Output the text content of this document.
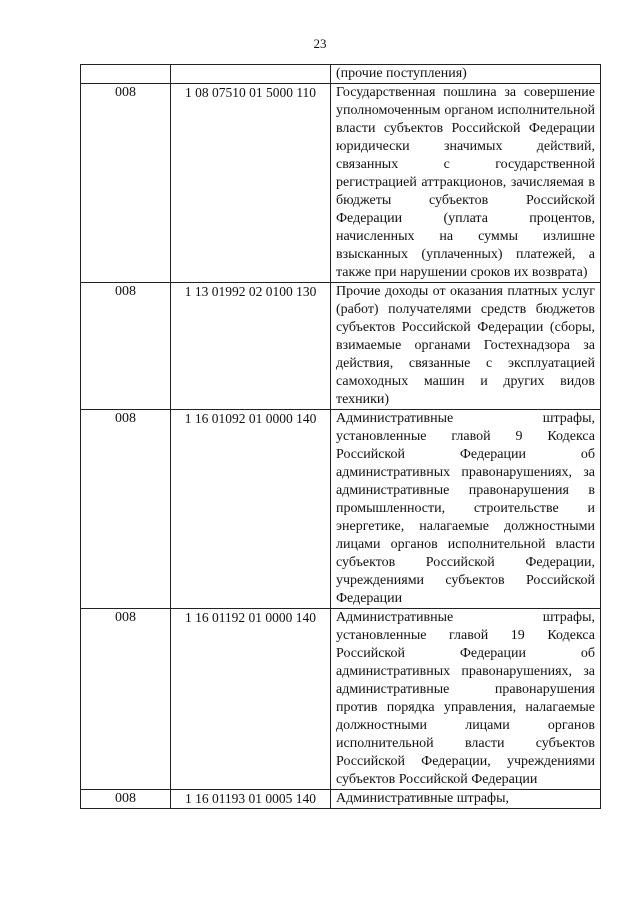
23
		(прочие поступления)
008	1 08 07510 01 5000 110	Государственная пошлина за совершение уполномоченным органом исполнительной власти субъектов Российской Федерации юридически значимых действий, связанных с государственной регистрацией аттракционов, зачисляемая в бюджеты субъектов Российской Федерации (уплата процентов, начисленных на суммы излишне взысканных (уплаченных) платежей, а также при нарушении сроков их возврата)
008	1 13 01992 02 0100 130	Прочие доходы от оказания платных услуг (работ) получателями средств бюджетов субъектов Российской Федерации (сборы, взимаемые органами Гостехнадзора за действия, связанные с эксплуатацией самоходных машин и других видов техники)
008	1 16 01092 01 0000 140	Административные штрафы, установленные главой 9 Кодекса Российской Федерации об административных правонарушениях, за административные правонарушения в промышленности, строительстве и энергетике, налагаемые должностными лицами органов исполнительной власти субъектов Российской Федерации, учреждениями субъектов Российской Федерации
008	1 16 01192 01 0000 140	Административные штрафы, установленные главой 19 Кодекса Российской Федерации об административных правонарушениях, за административные правонарушения против порядка управления, налагаемые должностными лицами органов исполнительной власти субъектов Российской Федерации, учреждениями субъектов Российской Федерации
008	1 16 01193 01 0005 140	Административные штрафы,
